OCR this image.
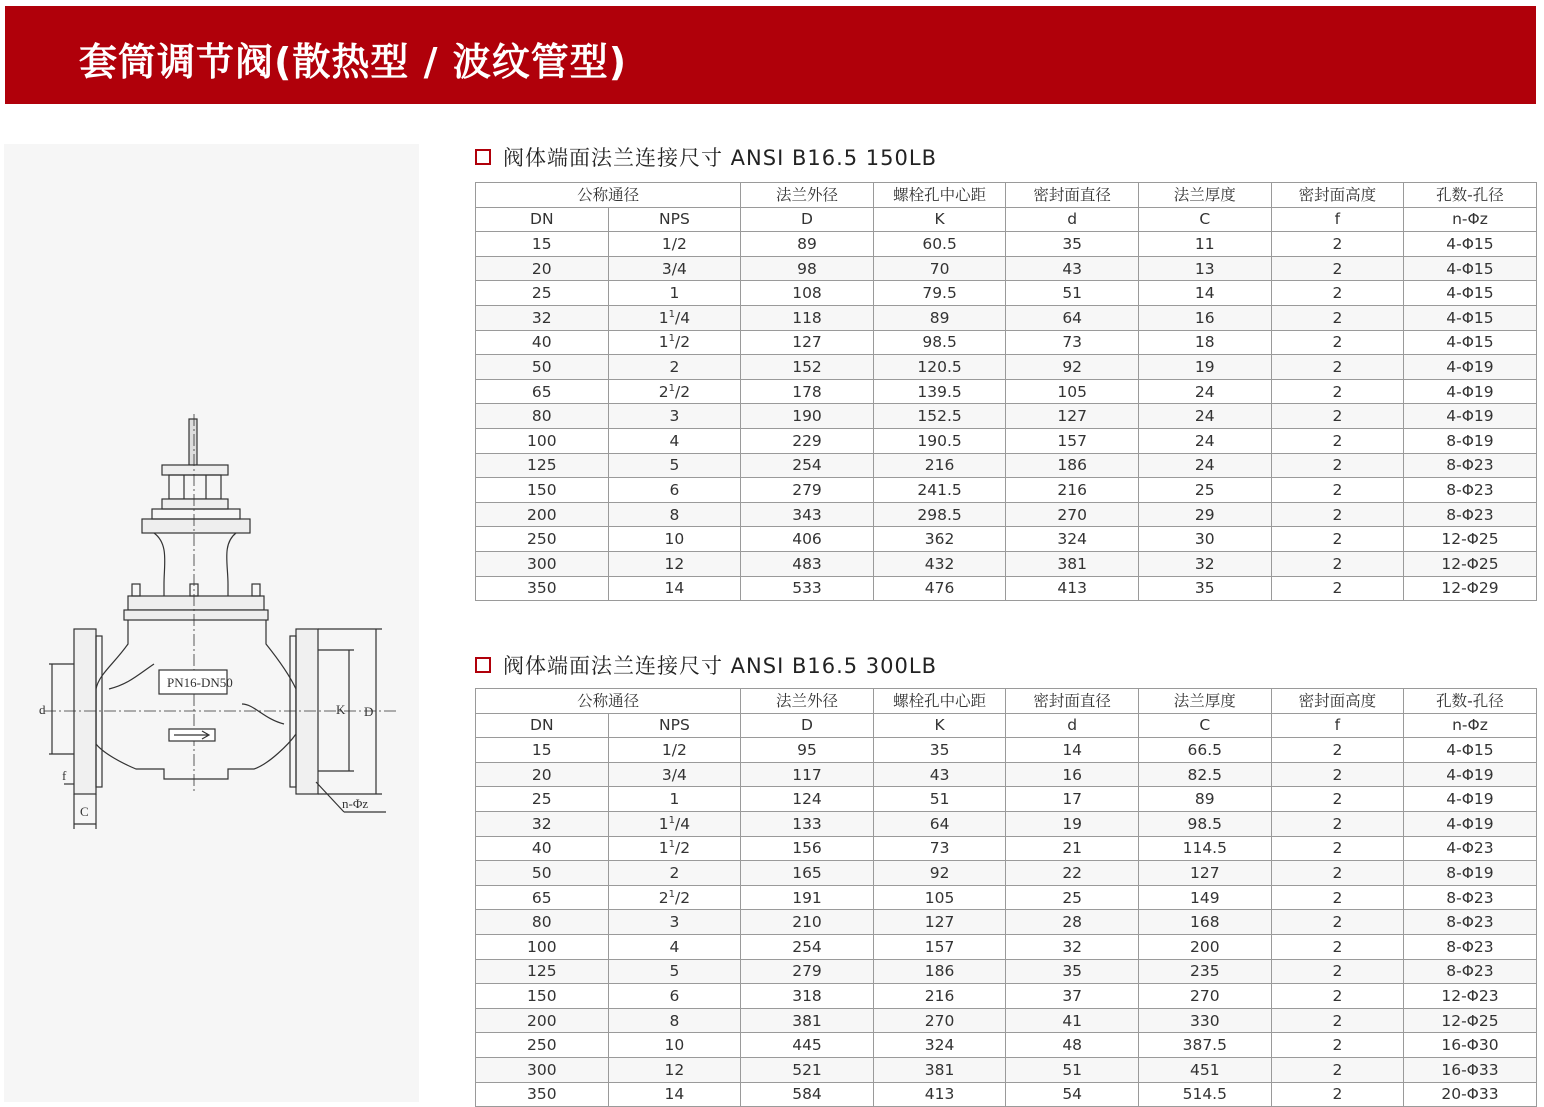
套筒调节阀(散热型 / 波纹管型)
PN16-DN50
d	K D
f
C
n-Φz
阀体端面法兰连接尺寸 ANSI B16.5 150LB
公称通径		法兰外径	螺栓孔中心距	密封面直径	法兰厚度	密封面高度	孔数-孔径
DN	NPS	D	K	d	C	f	n-Φz
15	1/2	89	60.5	35	11	2	4-Φ15
20	3/4	98	70	43	13	2	4-Φ15
25	1	108	79.5	51	14	2	4-Φ15
32	$1^1/4$	118	89	64	16	2	4-Φ15
40	$1^1/2$	127	98.5	73	18	2	4-Φ15
50	2	152	120.5	92	19	2	4-Φ19
65	$2^1/2$	178	139.5	105	24	2	4-Φ19
80	3	190	152.5	127	24	2	4-Φ19
100	4	229	190.5	157	24	2	8-Φ19
125	5	254	216	186	24	2	8-Φ23
150	6	279	241.5	216	25	2	8-Φ23
200	8	343	298.5	270	29	2	8-Φ23
250	10	406	362	324	30	2	12-Φ25
300	12	483	432	381	32	2	12-Φ25
350	14	533	476	413	35	2	12-Φ29
阀体端面法兰连接尺寸 ANSI B16.5 300LB
公称通径		法兰外径	螺栓孔中心距	密封面直径	法兰厚度	密封面高度	孔数-孔径
DN	NPS	D	K	d	C	f	n-Φz
15	1/2	95	35	14	66.5	2	4-Φ15
20	3/4	117	43	16	82.5	2	4-Φ19
25	1	124	51	17	89	2	4-Φ19
32	$1^1/4$	133	64	19	98.5	2	4-Φ19
40	$1^1/2$	156	73	21	114.5	2	4-Φ23
50	2	165	92	22	127	2	8-Φ19
65	$2^1/2$	191	105	25	149	2	8-Φ23
80	3	210	127	28	168	2	8-Φ23
100	4	254	157	32	200	2	8-Φ23
125	5	279	186	35	235	2	8-Φ23
150	6	318	216	37	270	2	12-Φ23
200	8	381	270	41	330	2	12-Φ25
250	10	445	324	48	387.5	2	16-Φ30
300	12	521	381	51	451	2	16-Φ33
350	14	584	413	54	514.5	2	20-Φ33
